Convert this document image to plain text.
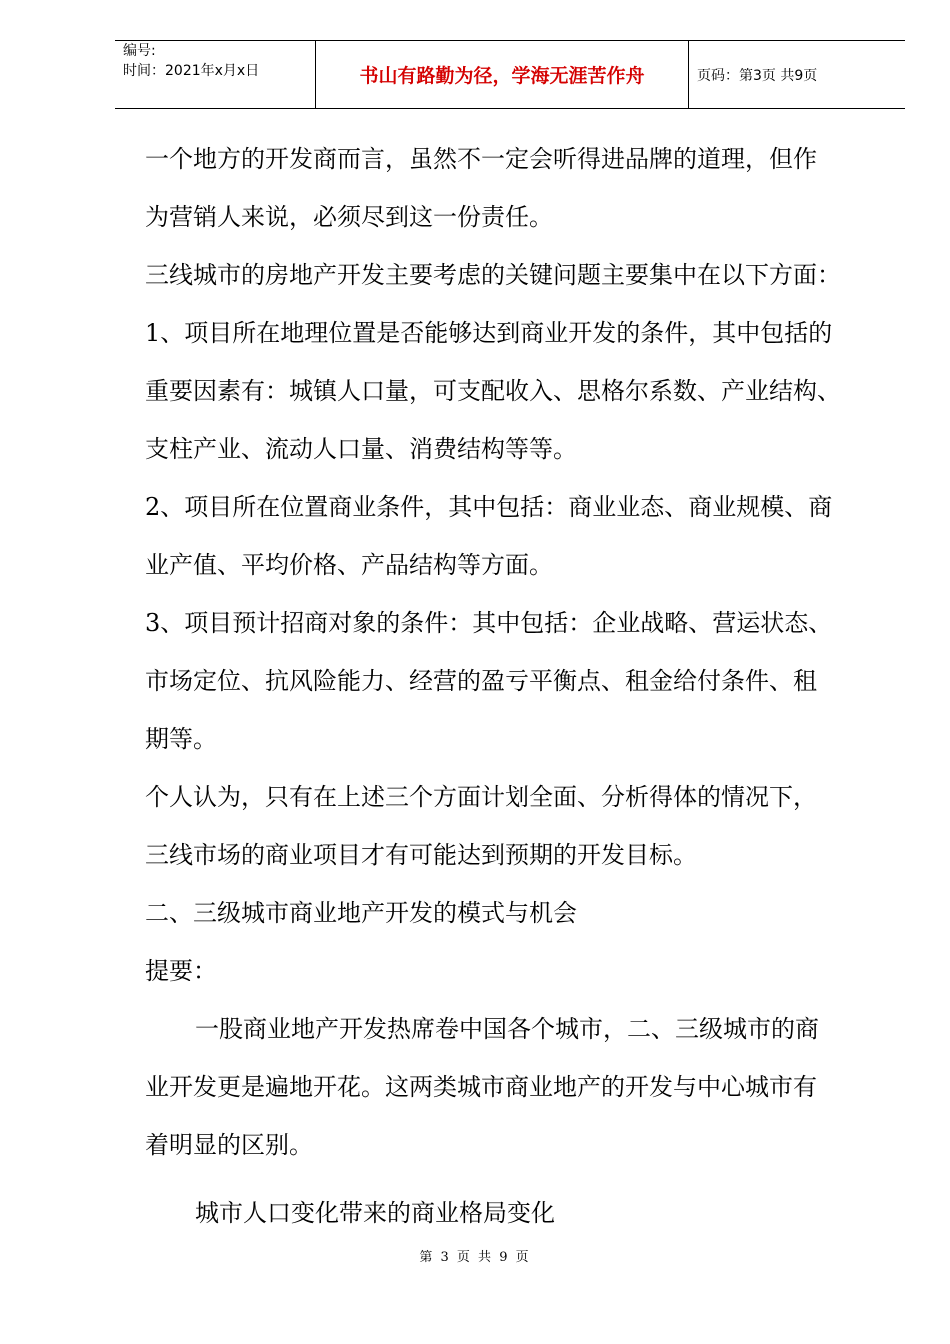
编号:
时间：2021年x月x日	书山有路勤为径，学海无涯苦作舟	页码：第3页 共9页

一个地方的开发商而言，虽然不一定会听得进品牌的道理，但作

为营销人来说，必须尽到这一份责任。

三线城市的房地产开发主要考虑的关键问题主要集中在以下方面：

1、项目所在地理位置是否能够达到商业开发的条件，其中包括的

重要因素有：城镇人口量，可支配收入、思格尔系数、产业结构、

支柱产业、流动人口量、消费结构等等。

2、项目所在位置商业条件，其中包括：商业业态、商业规模、商

业产值、平均价格、产品结构等方面。

3、项目预计招商对象的条件：其中包括：企业战略、营运状态、

市场定位、抗风险能力、经营的盈亏平衡点、租金给付条件、租

期等。

个人认为，只有在上述三个方面计划全面、分析得体的情况下，

三线市场的商业项目才有可能达到预期的开发目标。

二、三级城市商业地产开发的模式与机会

提要：

一股商业地产开发热席卷中国各个城市，二、三级城市的商

业开发更是遍地开花。这两类城市商业地产的开发与中心城市有

着明显的区别。

城市人口变化带来的商业格局变化

第 3 页 共 9 页
